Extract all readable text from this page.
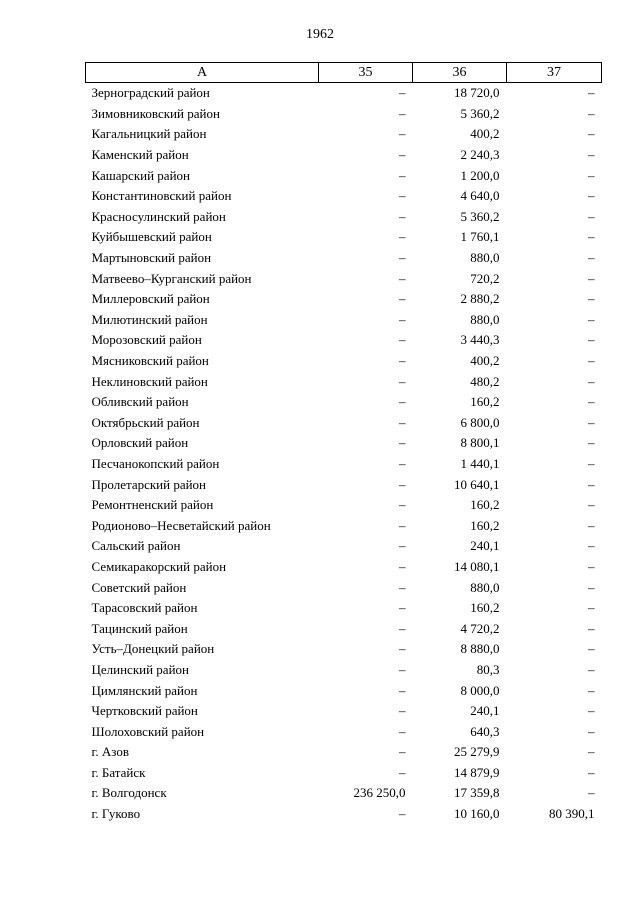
1962
A	35	36	37
Зерноградский район	–	18 720,0	–
Зимовниковский район	–	5 360,2	–
Кагальницкий район	–	400,2	–
Каменский район	–	2 240,3	–
Кашарский район	–	1 200,0	–
Константиновский район	–	4 640,0	–
Красносулинский район	–	5 360,2	–
Куйбышевский район	–	1 760,1	–
Мартыновский район	–	880,0	–
Матвеево–Курганский район	–	720,2	–
Миллеровский район	–	2 880,2	–
Милютинский район	–	880,0	–
Морозовский район	–	3 440,3	–
Мясниковский район	–	400,2	–
Неклиновский район	–	480,2	–
Обливский район	–	160,2	–
Октябрьский район	–	6 800,0	–
Орловский район	–	8 800,1	–
Песчанокопский район	–	1 440,1	–
Пролетарский район	–	10 640,1	–
Ремонтненский район	–	160,2	–
Родионово–Несветайский район	–	160,2	–
Сальский район	–	240,1	–
Семикаракорский район	–	14 080,1	–
Советский район	–	880,0	–
Тарасовский район	–	160,2	–
Тацинский район	–	4 720,2	–
Усть–Донецкий район	–	8 880,0	–
Целинский район	–	80,3	–
Цимлянский район	–	8 000,0	–
Чертковский район	–	240,1	–
Шолоховский район	–	640,3	–
г. Азов	–	25 279,9	–
г. Батайск	–	14 879,9	–
г. Волгодонск	236 250,0	17 359,8	–
г. Гуково	–	10 160,0	80 390,1
